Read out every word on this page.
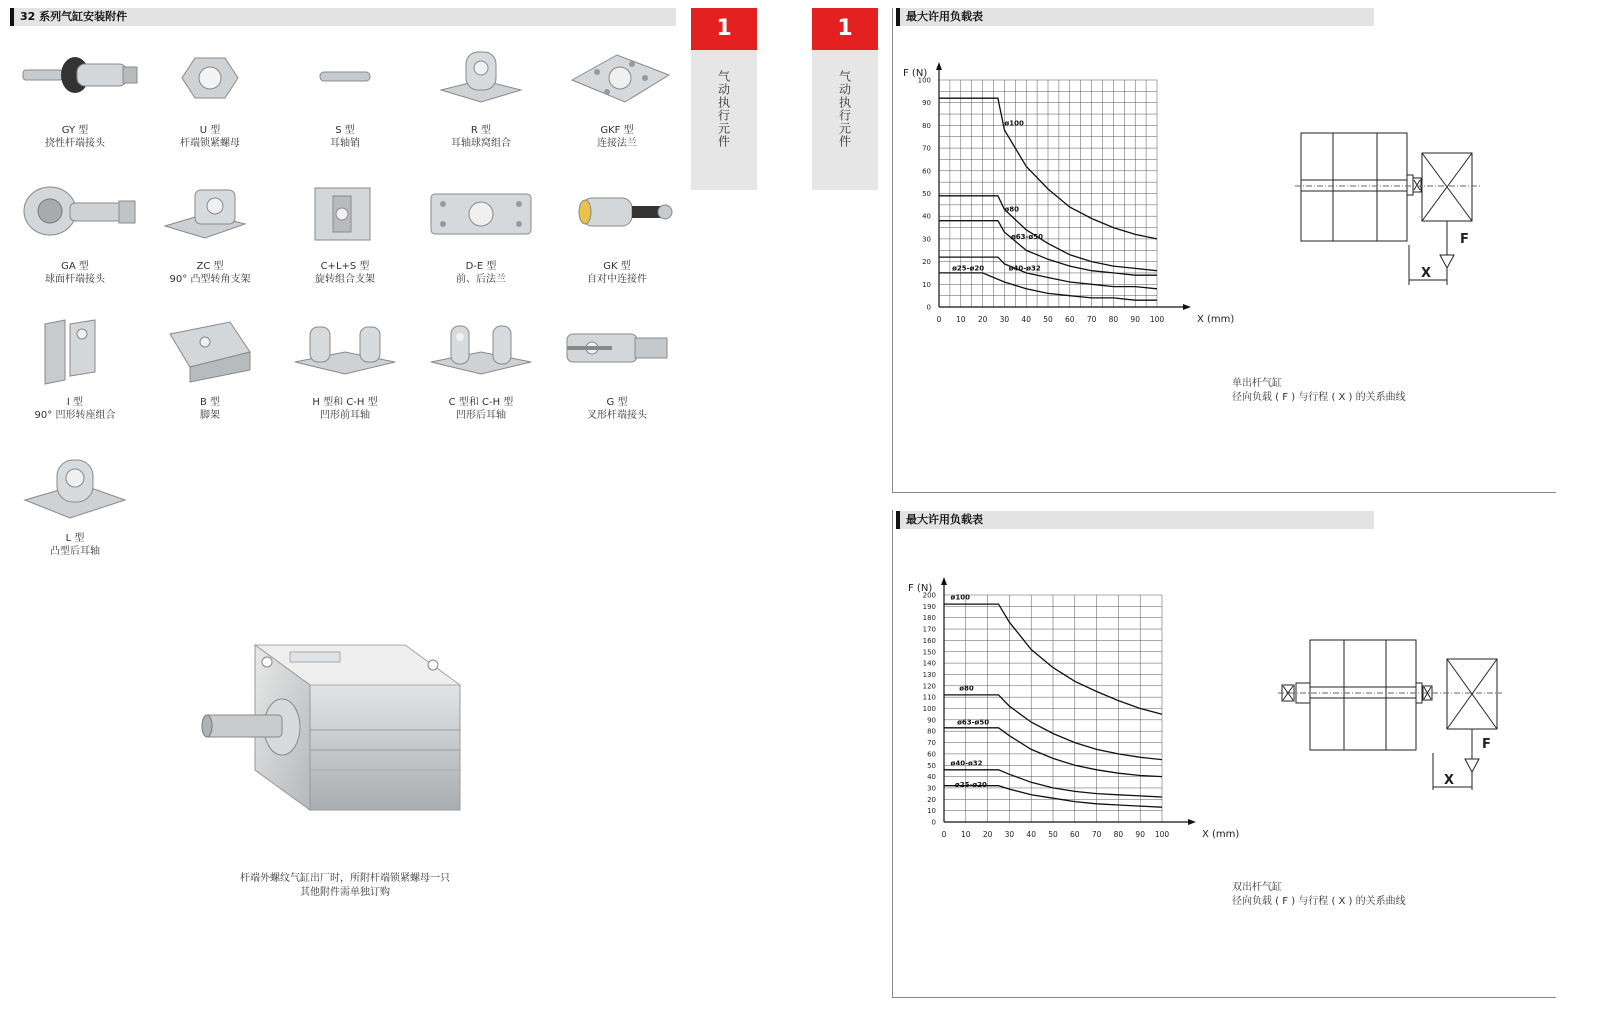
32 系列气缸安装附件
GY 型
挠性杆端接头
U 型
杆端锁紧螺母
S 型
耳轴销
R 型
耳轴球窝组合
GKF 型
连接法兰
GA 型
球面杆端接头
ZC 型
90° 凸型转角支架
C+L+S 型
旋转组合支架
D-E 型
前、后法兰
GK 型
自对中连接件
I 型
90° 凹形转座组合
B 型
脚架
H 型和 C-H 型
凹形前耳轴
C 型和 C-H 型
凹形后耳轴
G 型
叉形杆端接头
L 型
凸型后耳轴
杆端外螺纹气缸出厂时，所附杆端锁紧螺母一只
其他附件需单独订购
1
气动执行元件
1
气动执行元件
最大许用负载表
0 10 20 30 40 50 60 70 80 90 100
0
10
20
30
40
50
60
70
80
90
100
F (N)
X (mm)
ø100
ø80
ø63-ø50
ø40-ø32
ø25-ø20
F
X
单出杆气缸
径向负载 ( F ) 与行程 ( X ) 的关系曲线
最大许用负载表
0 10 20 30 40 50 60 70 80 90 100
0
10
20
30
40
50
60
70
80
90
100
110
120
130
140
150
160
170
180
190
200
F (N)
X (mm)
ø100
ø80
ø63-ø50
ø40-ø32
ø25-ø20
F
X
双出杆气缸
径向负载 ( F ) 与行程 ( X ) 的关系曲线
